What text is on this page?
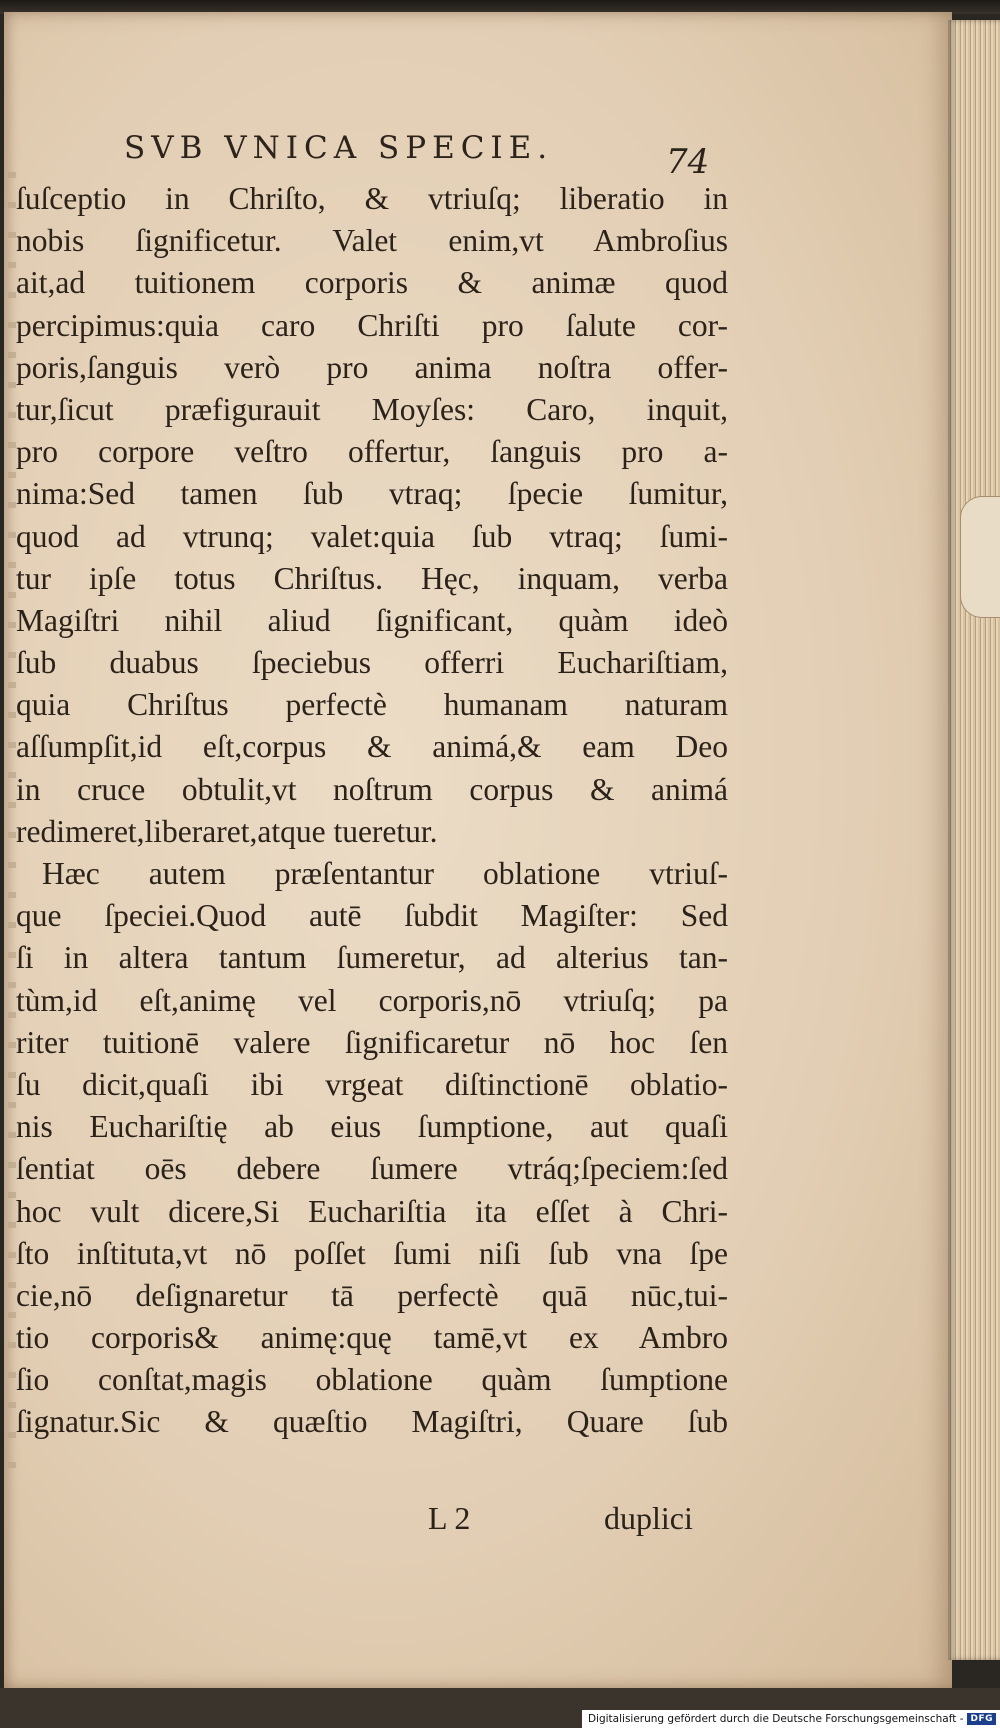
SVB VNICA SPECIE.	74
ſuſceptio in Chriſto, & vtriuſq; liberatio in
nobis ſignificetur. Valet enim,vt Ambroſius
ait,ad tuitionem corporis & animæ quod
percipimus:quia caro Chriſti pro ſalute cor-
poris,ſanguis verò pro anima noſtra offer-
tur,ſicut præfigurauit Moyſes: Caro, inquit,
pro corpore veſtro offertur, ſanguis pro a-
nima:Sed tamen ſub vtraq; ſpecie ſumitur,
quod ad vtrunq; valet:quia ſub vtraq; ſumi-
tur ipſe totus Chriſtus. Hęc, inquam, verba
Magiſtri nihil aliud ſignificant, quàm ideò
ſub duabus ſpeciebus offerri Euchariſtiam,
quia Chriſtus perfectè humanam naturam
aſſumpſit,id eſt,corpus & animá,& eam Deo
in cruce obtulit,vt noſtrum corpus & animá
redimeret,liberaret,atque tueretur.
Hæc autem præſentantur oblatione vtriuſ-
que ſpeciei.Quod autē ſubdit Magiſter: Sed
ſi in altera tantum ſumeretur, ad alterius tan-
tùm,id eſt,animę vel corporis,nō vtriuſq; pa
riter tuitionē valere ſignificaretur nō hoc ſen
ſu dicit,quaſi ibi vrgeat diſtinctionē oblatio-
nis Euchariſtię ab eius ſumptione, aut quaſi
ſentiat oēs debere ſumere vtráq;ſpeciem:ſed
hoc vult dicere,Si Euchariſtia ita eſſet à Chri-
ſto inſtituta,vt nō poſſet ſumi niſi ſub vna ſpe
cie,nō deſignaretur tā perfectè quā nūc,tui-
tio corporis& animę:quę tamē,vt ex Ambro
ſio conſtat,magis oblatione quàm ſumptione
ſignatur.Sic & quæſtio Magiſtri, Quare ſub
L 2	duplici
Digitalisierung gefördert durch die Deutsche Forschungsgemeinschaft - DFG
